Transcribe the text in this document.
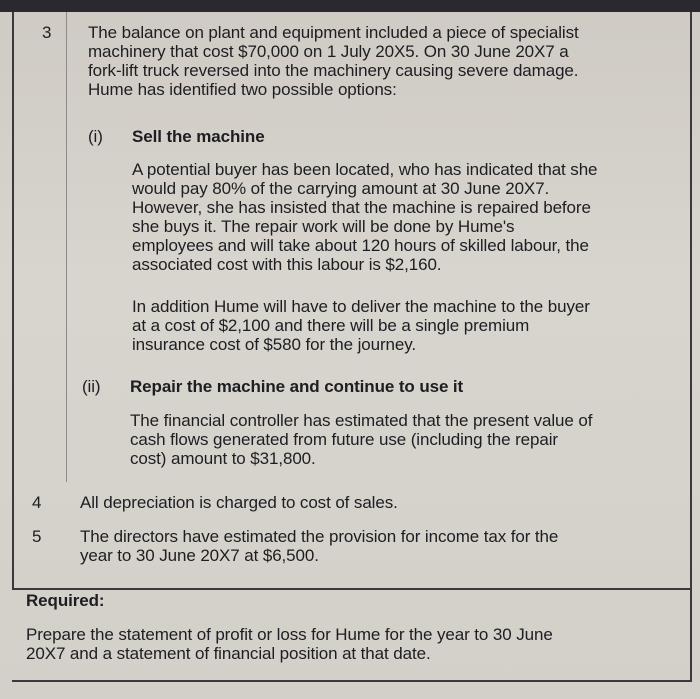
3 The balance on plant and equipment included a piece of specialist
machinery that cost $70,000 on 1 July 20X5. On 30 June 20X7 a
fork-lift truck reversed into the machinery causing severe damage.
Hume has identified two possible options:
(i) Sell the machine
A potential buyer has been located, who has indicated that she
would pay 80% of the carrying amount at 30 June 20X7.
However, she has insisted that the machine is repaired before
she buys it. The repair work will be done by Hume's
employees and will take about 120 hours of skilled labour, the
associated cost with this labour is $2,160.
In addition Hume will have to deliver the machine to the buyer
at a cost of $2,100 and there will be a single premium
insurance cost of $580 for the journey.
(ii) Repair the machine and continue to use it
The financial controller has estimated that the present value of
cash flows generated from future use (including the repair
cost) amount to $31,800.
4 All depreciation is charged to cost of sales.
5 The directors have estimated the provision for income tax for the
year to 30 June 20X7 at $6,500.
Required:
Prepare the statement of profit or loss for Hume for the year to 30 June
20X7 and a statement of financial position at that date.
